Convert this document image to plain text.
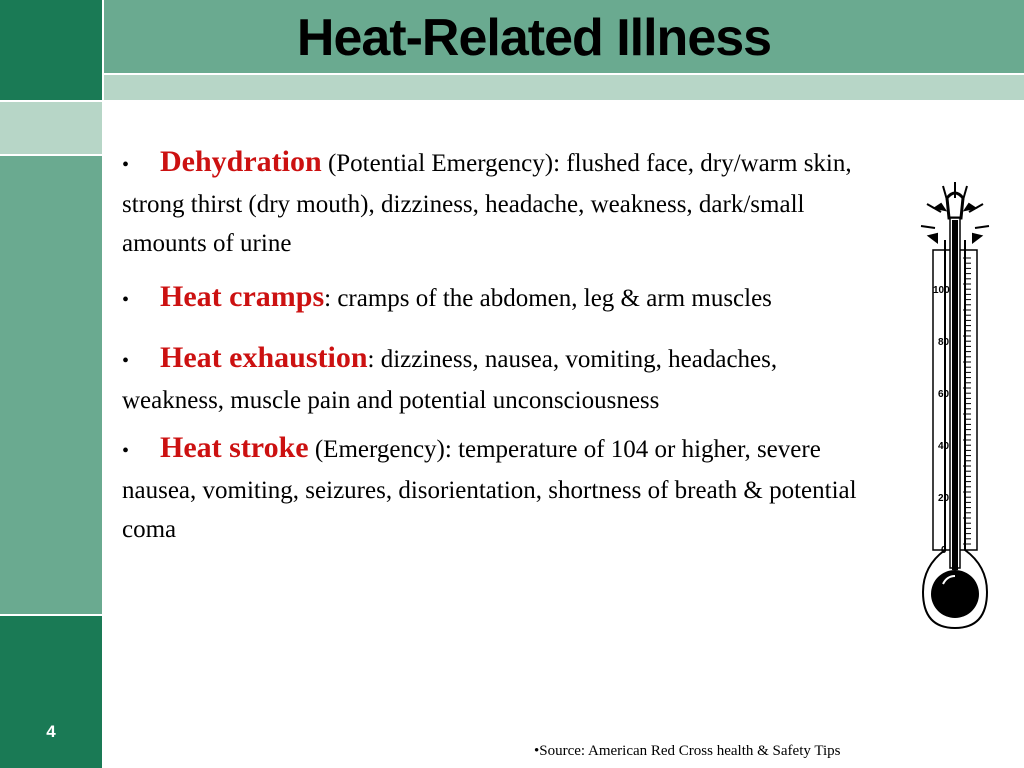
Heat-Related Illness
4

• Dehydration (Potential Emergency): flushed face, dry/warm skin, strong thirst (dry mouth), dizziness, headache, weakness, dark/small amounts of urine

• Heat cramps: cramps of the abdomen, leg & arm muscles

• Heat exhaustion: dizziness, nausea, vomiting, headaches, weakness, muscle pain and potential unconsciousness

• Heat stroke (Emergency): temperature of 104 or higher, severe nausea, vomiting, seizures, disorientation, shortness of breath & potential coma

100
80
60
40
20
0
•Source: American Red Cross health & Safety Tips
